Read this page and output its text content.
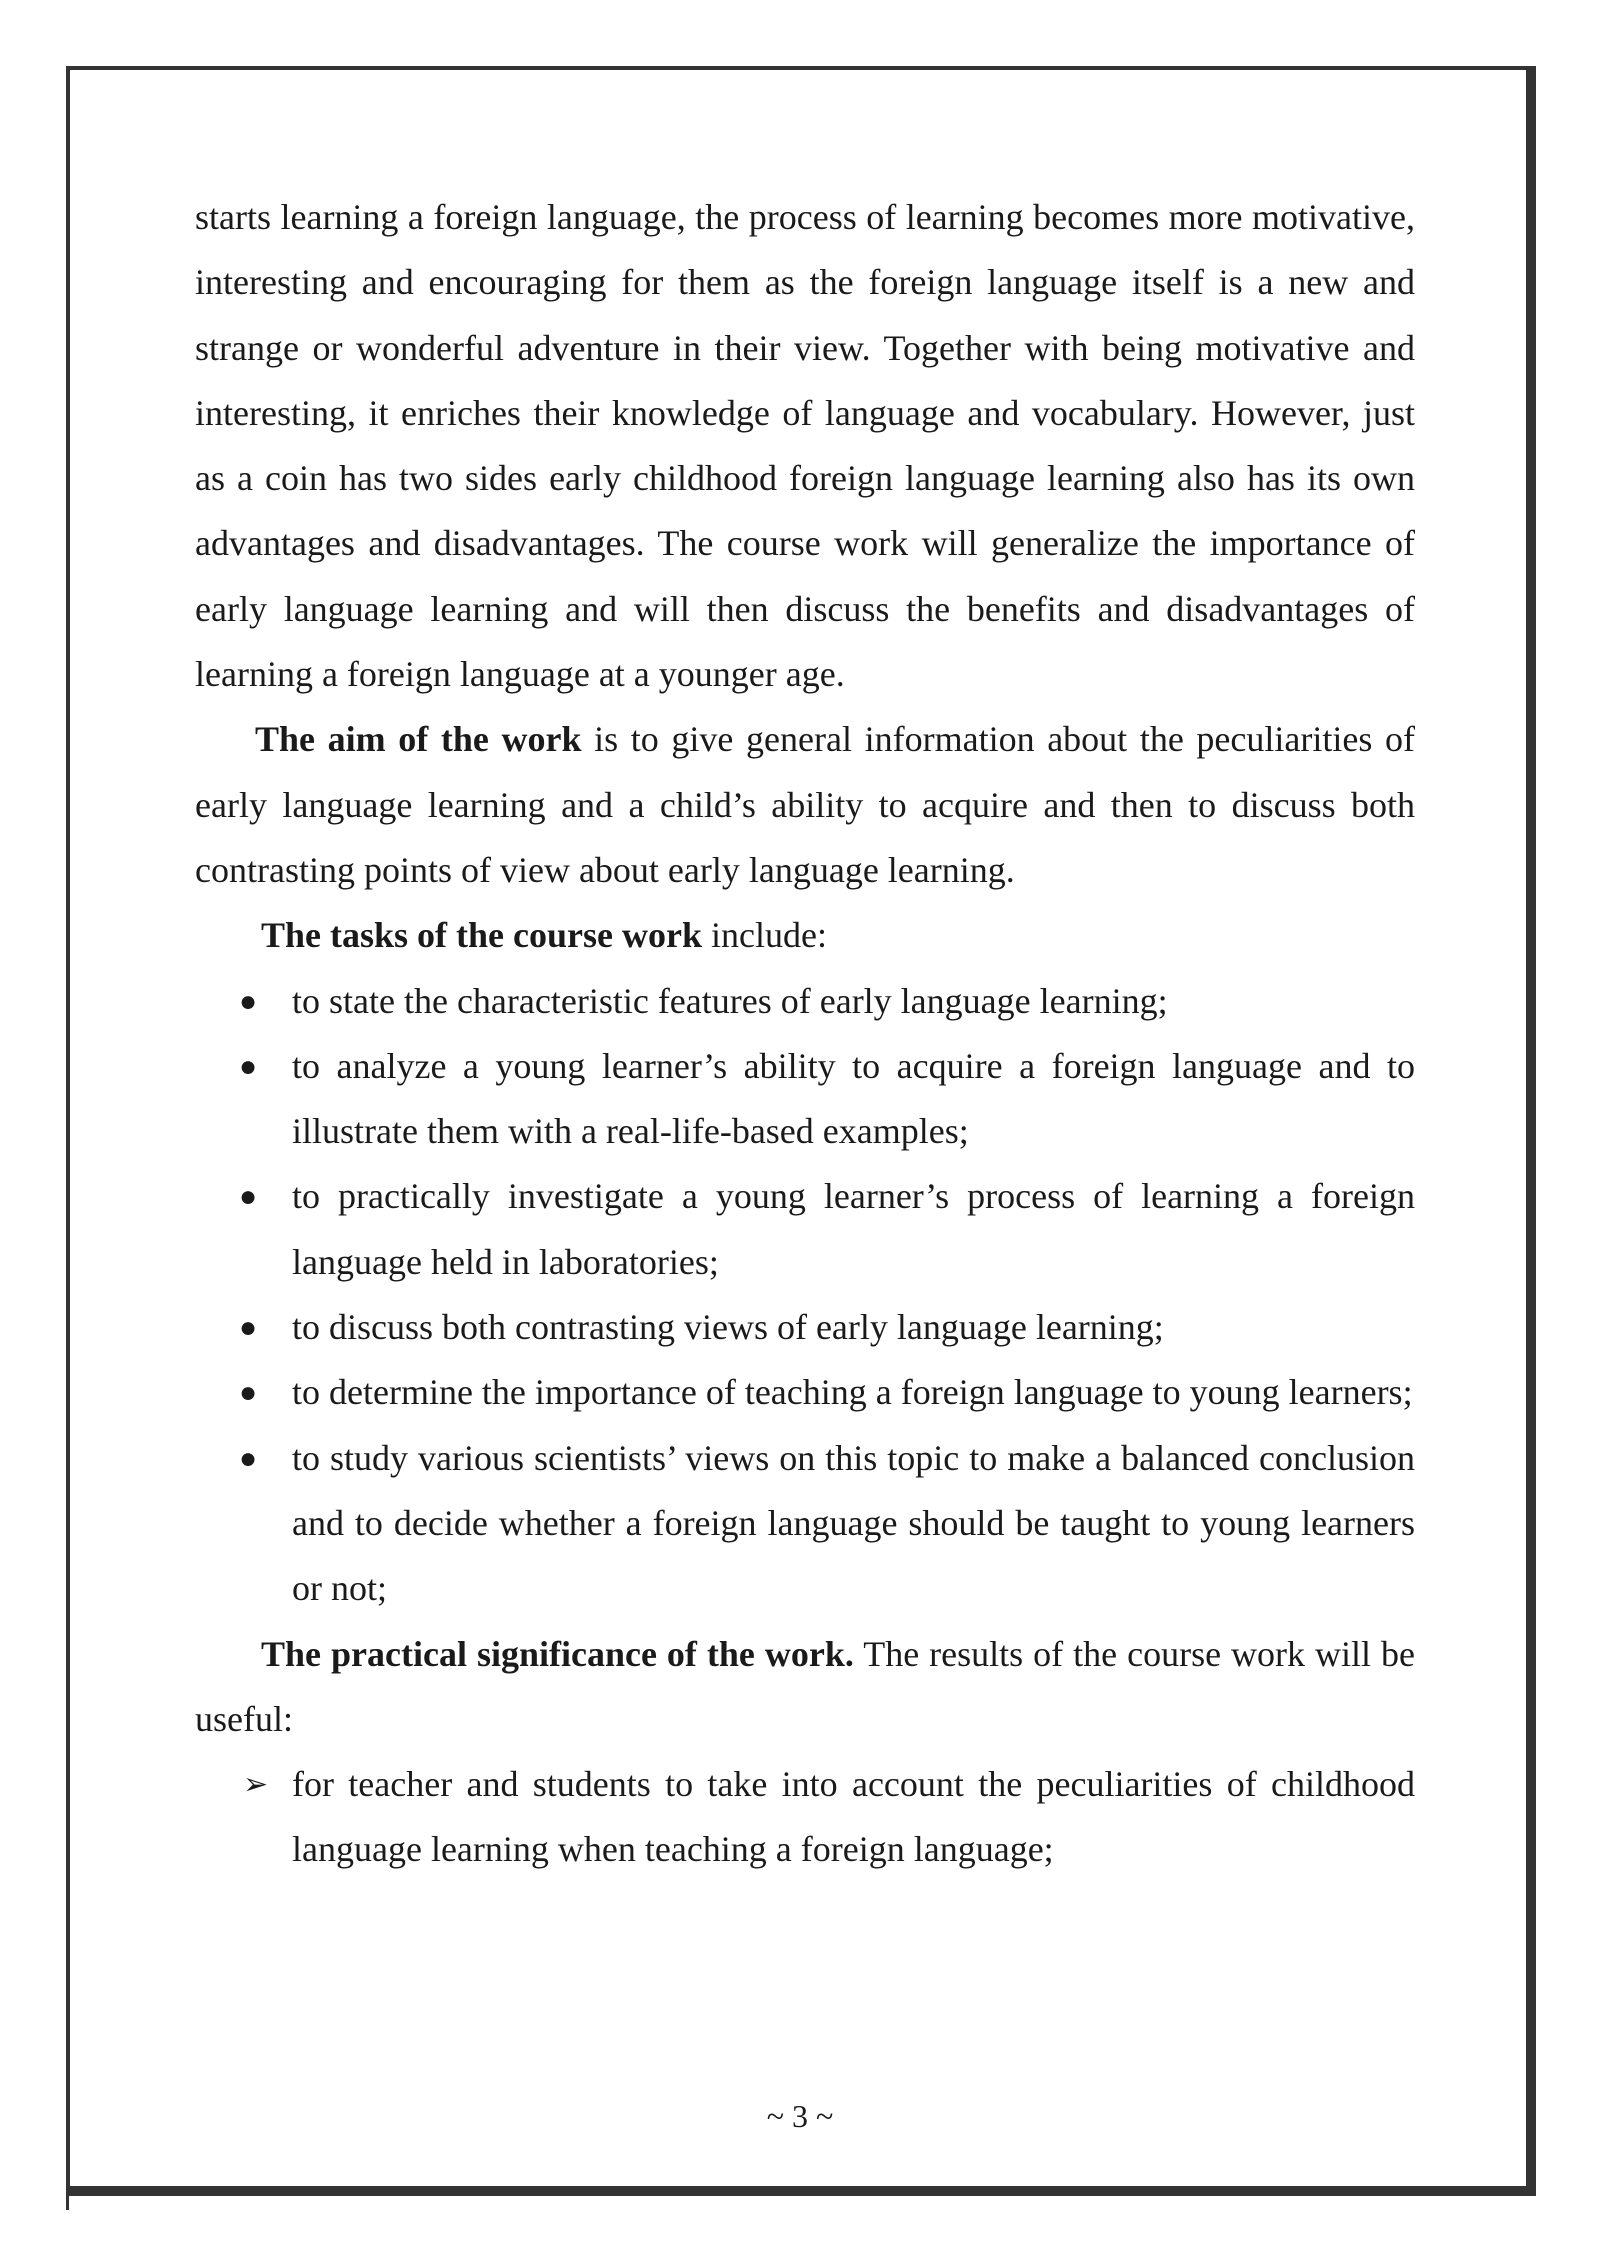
starts learning a foreign language, the process of learning becomes more motivative, interesting and encouraging for them as the foreign language itself is a new and strange or wonderful adventure in their view. Together with being motivative and interesting, it enriches their knowledge of language and vocabulary. However, just as a coin has two sides early childhood foreign language learning also has its own advantages and disadvantages. The course work will generalize the importance of early language learning and will then discuss the benefits and disadvantages of learning a foreign language at a younger age.

The aim of the work is to give general information about the peculiarities of early language learning and a child’s ability to acquire and then to discuss both contrasting points of view about early language learning.

The tasks of the course work include:

● to state the characteristic features of early language learning;
● to analyze a young learner’s ability to acquire a foreign language and to illustrate them with a real-life-based examples;
● to practically investigate a young learner’s process of learning a foreign language held in laboratories;
● to discuss both contrasting views of early language learning;
● to determine the importance of teaching a foreign language to young learners;
● to study various scientists’ views on this topic to make a balanced conclusion and to decide whether a foreign language should be taught to young learners or not;

The practical significance of the work. The results of the course work will be useful:

➢ for teacher and students to take into account the peculiarities of childhood language learning when teaching a foreign language;
~ 3 ~
